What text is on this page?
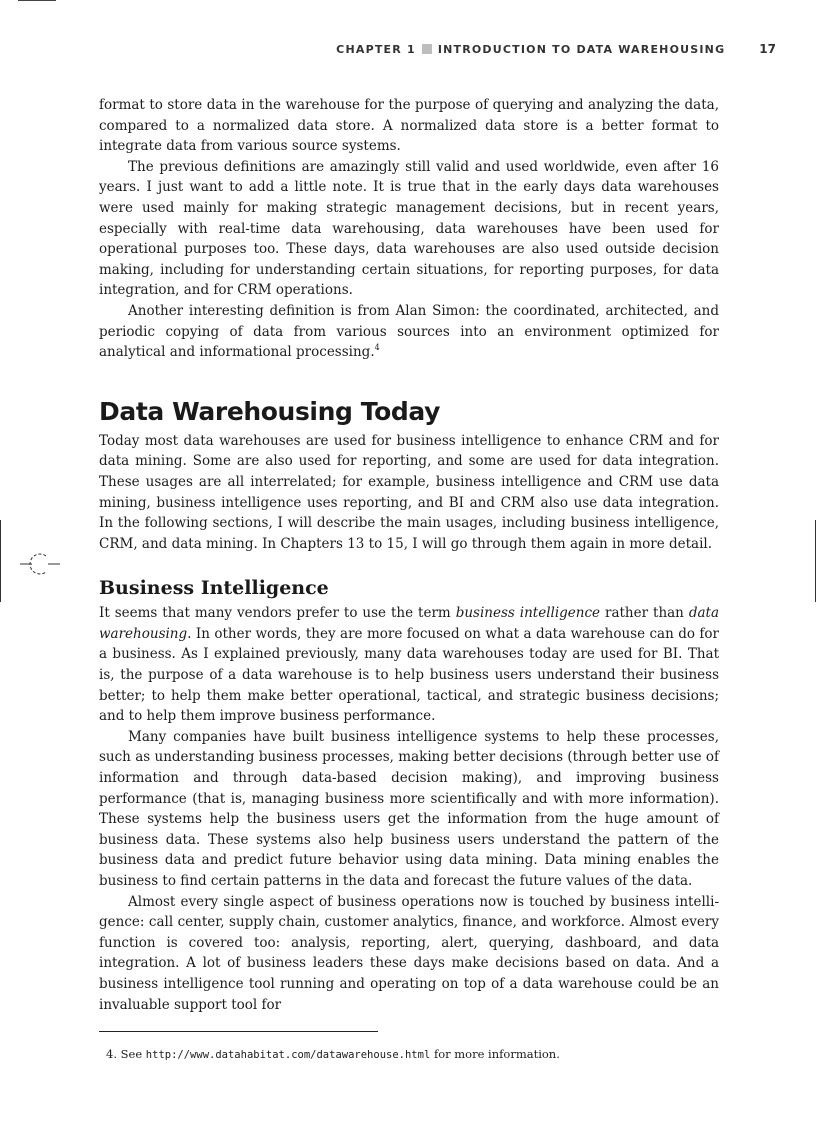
CHAPTER 1 INTRODUCTION TO DATA WAREHOUSING	17

format to store data in the warehouse for the purpose of querying and analyzing the data, compared to a normalized data store. A normalized data store is a better format to integrate data from various source systems.

The previous definitions are amazingly still valid and used worldwide, even after 16 years. I just want to add a little note. It is true that in the early days data warehouses were used mainly for making strategic management decisions, but in recent years, especially with real-time data warehousing, data warehouses have been used for operational purposes too. These days, data warehouses are also used outside decision making, including for understanding certain situations, for reporting purposes, for data integration, and for CRM operations.

Another interesting definition is from Alan Simon: the coordinated, architected, and periodic copying of data from various sources into an environment optimized for analytical and informational processing.$^4$

Data Warehousing Today

Today most data warehouses are used for business intelligence to enhance CRM and for data mining. Some are also used for reporting, and some are used for data integration. These usages are all interrelated; for example, business intelligence and CRM use data mining, business intelligence uses reporting, and BI and CRM also use data integration. In the following sections, I will describe the main usages, including business intelligence, CRM, and data mining. In Chapters 13 to 15, I will go through them again in more detail.

Business Intelligence

It seems that many vendors prefer to use the term business intelligence rather than data warehousing. In other words, they are more focused on what a data warehouse can do for a business. As I explained previously, many data warehouses today are used for BI. That is, the purpose of a data warehouse is to help business users understand their business better; to help them make better operational, tactical, and strategic business decisions; and to help them improve business performance.

Many companies have built business intelligence systems to help these processes, such as understanding business processes, making better decisions (through better use of information and through data-based decision making), and improving business performance (that is, managing business more scientifically and with more information). These systems help the business users get the information from the huge amount of business data. These systems also help business users understand the pattern of the business data and predict future behavior using data mining. Data mining enables the business to find certain patterns in the data and forecast the future values of the data.

Almost every single aspect of business operations now is touched by business intelligence: call center, supply chain, customer analytics, finance, and workforce. Almost every function is covered too: analysis, reporting, alert, querying, dashboard, and data integration. A lot of business leaders these days make decisions based on data. And a business intelligence tool running and operating on top of a data warehouse could be an invaluable support tool for

4. See http://www.datahabitat.com/datawarehouse.html for more information.
